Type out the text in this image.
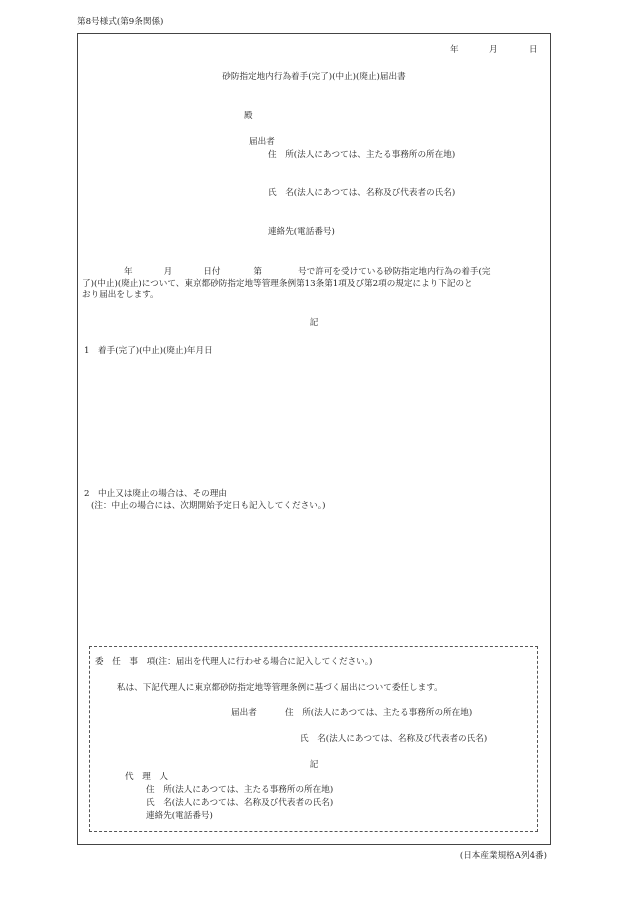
第8号様式(第9条関係)
年	月	日
砂防指定地内行為着手(完了)(中止)(廃止)届出書
殿
届出者
住　所(法人にあつては、主たる事務所の所在地)
氏　名(法人にあつては、名称及び代表者の氏名)
連絡先(電話番号)
年	月	日付	第	号で許可を受けている砂防指定地内行為の着手(完
了)(中止)(廃止)について、東京都砂防指定地等管理条例第13条第1項及び第2項の規定により下記のと
おり届出をします。
記
1　着手(完了)(中止)(廃止)年月日
2　中止又は廃止の場合は、その理由
(注：中止の場合には、次期開始予定日も記入してください。)
委　任　事　項(注：届出を代理人に行わせる場合に記入してください。)
私は、下記代理人に東京都砂防指定地等管理条例に基づく届出について委任します。
届出者	住　所(法人にあつては、主たる事務所の所在地)
氏　名(法人にあつては、名称及び代表者の氏名)
記
代　理　人
住　所(法人にあつては、主たる事務所の所在地)
氏　名(法人にあつては、名称及び代表者の氏名)
連絡先(電話番号)
(日本産業規格A列4番)
